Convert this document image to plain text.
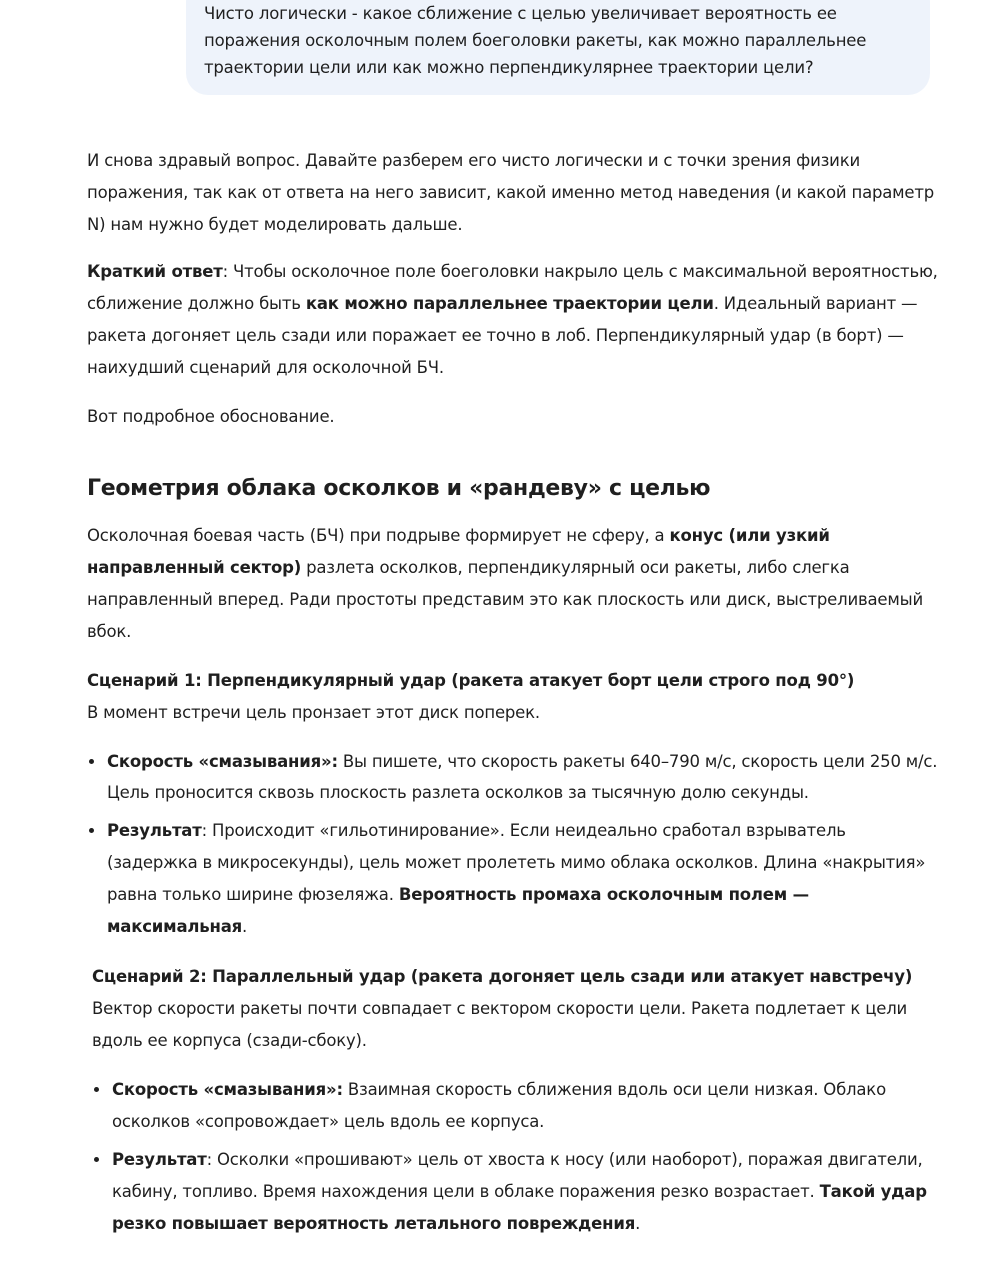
Чисто логически - какое сближение с целью увеличивает вероятность ее поражения осколочным полем боеголовки ракеты, как можно параллельнее траектории цели или как можно перпендикулярнее траектории цели?

И снова здравый вопрос. Давайте разберем его чисто логически и с точки зрения физики поражения, так как от ответа на него зависит, какой именно метод наведения (и какой параметр N) нам нужно будет моделировать дальше.

Краткий ответ: Чтобы осколочное поле боеголовки накрыло цель с максимальной вероятностью, сближение должно быть как можно параллельнее траектории цели. Идеальный вариант — ракета догоняет цель сзади или поражает ее точно в лоб. Перпендикулярный удар (в борт) — наихудший сценарий для осколочной БЧ.

Вот подробное обоснование.

Геометрия облака осколков и «рандеву» с целью

Осколочная боевая часть (БЧ) при подрыве формирует не сферу, а конус (или узкий направленный сектор) разлета осколков, перпендикулярный оси ракеты, либо слегка направленный вперед. Ради простоты представим это как плоскость или диск, выстреливаемый вбок.

Сценарий 1: Перпендикулярный удар (ракета атакует борт цели строго под 90°)

В момент встречи цель пронзает этот диск поперек.

Скорость «смазывания»: Вы пишете, что скорость ракеты 640–790 м/с, скорость цели 250 м/с. Цель проносится сквозь плоскость разлета осколков за тысячную долю секунды.
Результат: Происходит «гильотинирование». Если неидеально сработал взрыватель (задержка в микросекунды), цель может пролететь мимо облака осколков. Длина «накрытия» равна только ширине фюзеляжа. Вероятность промаха осколочным полем — максимальная.

Сценарий 2: Параллельный удар (ракета догоняет цель сзади или атакует навстречу)

Вектор скорости ракеты почти совпадает с вектором скорости цели. Ракета подлетает к цели вдоль ее корпуса (сзади-сбоку).

Скорость «смазывания»: Взаимная скорость сближения вдоль оси цели низкая. Облако осколков «сопровождает» цель вдоль ее корпуса.
Результат: Осколки «прошивают» цель от хвоста к носу (или наоборот), поражая двигатели, кабину, топливо. Время нахождения цели в облаке поражения резко возрастает. Такой удар резко повышает вероятность летального повреждения.
